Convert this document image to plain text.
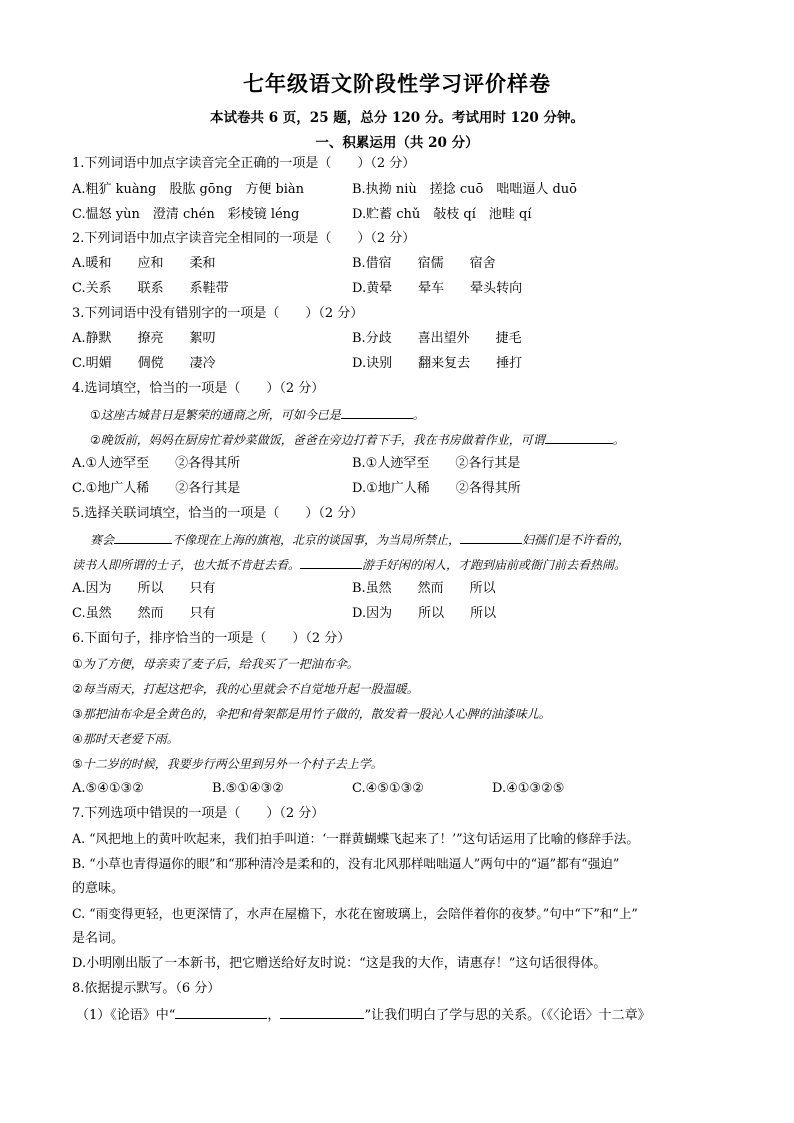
七年级语文阶段性学习评价样卷
本试卷共 6 页，25 题，总分 120 分。考试用时 120 分钟。
一、积累运用（共 20 分）
1.下列词语中加点字读音完全正确的一项是（　　）（2 分）
A.粗犷 kuàng　股肱 gōng　方便 biàn	B.执拗 niù　搓捻 cuō　咄咄逼人 duō
C.愠怒 yùn　澄清 chén　彩棱镜 léng	D.贮蓄 chǔ　敧枝 qí　池畦 qí
2.下列词语中加点字读音完全相同的一项是（　　）（2 分）
A.暖和　　应和　　柔和	B.借宿　　宿儒　　宿舍
C.关系　　联系　　系鞋带	D.黄晕　　晕车　　晕头转向
3.下列词语中没有错别字的一项是（　　）（2 分）
A.静默　　撩亮　　絮叨	B.分歧　　喜出望外　　捷毛
C.明媚　　倜傥　　凄冷	D.诀别　　翻来复去　　捶打
4.选词填空，恰当的一项是（　　）（2 分）
①这座古城昔日是繁荣的通商之所，可如今已是	。
②晚饭前，妈妈在厨房忙着炒菜做饭，爸爸在旁边打着下手，我在书房做着作业，可谓	。
A.①人迹罕至　　②各得其所	B.①人迹罕至　　②各行其是
C.①地广人稀　　②各行其是	D.①地广人稀　　②各得其所
5.选择关联词填空，恰当的一项是（　　）（2 分）
赛会	不像现在上海的旗袍，北京的谈国事，为当局所禁止，	妇孺们是不许看的，
读书人即所谓的士子，也大抵不肯赶去看。	游手好闲的闲人，才跑到庙前或衙门前去看热闹。
A.因为　　所以　　只有	B.虽然　　然而　　所以
C.虽然　　然而　　只有	D.因为　　所以　　所以
6.下面句子，排序恰当的一项是（　　）（2 分）
①为了方便，母亲卖了麦子后，给我买了一把油布伞。
②每当雨天，打起这把伞，我的心里就会不自觉地升起一股温暖。
③那把油布伞是全黄色的，伞把和骨架都是用竹子做的，散发着一股沁人心脾的油漆味儿。
④那时天老爱下雨。
⑤十二岁的时候，我要步行两公里到另外一个村子去上学。
A.⑤④①③②	B.⑤①④③②	C.④⑤①③②	D.④①③②⑤
7.下列选项中错误的一项是（　　）（2 分）
A. “风把地上的黄叶吹起来，我们拍手叫道：‘一群黄蝴蝶飞起来了！’”这句话运用了比喻的修辞手法。
B. “小草也青得逼你的眼”和“那种清冷是柔和的，没有北风那样咄咄逼人”两句中的“逼”都有“强迫”
的意味。
C. “雨变得更轻，也更深情了，水声在屋檐下，水花在窗玻璃上，会陪伴着你的夜梦。”句中“下”和“上”
是名词。
D.小明刚出版了一本新书，把它赠送给好友时说：“这是我的大作，请惠存！”这句话很得体。
8.依据提示默写。（6 分）
（1）《论语》中“	，	”让我们明白了学与思的关系。（《〈论语〉十二章》
